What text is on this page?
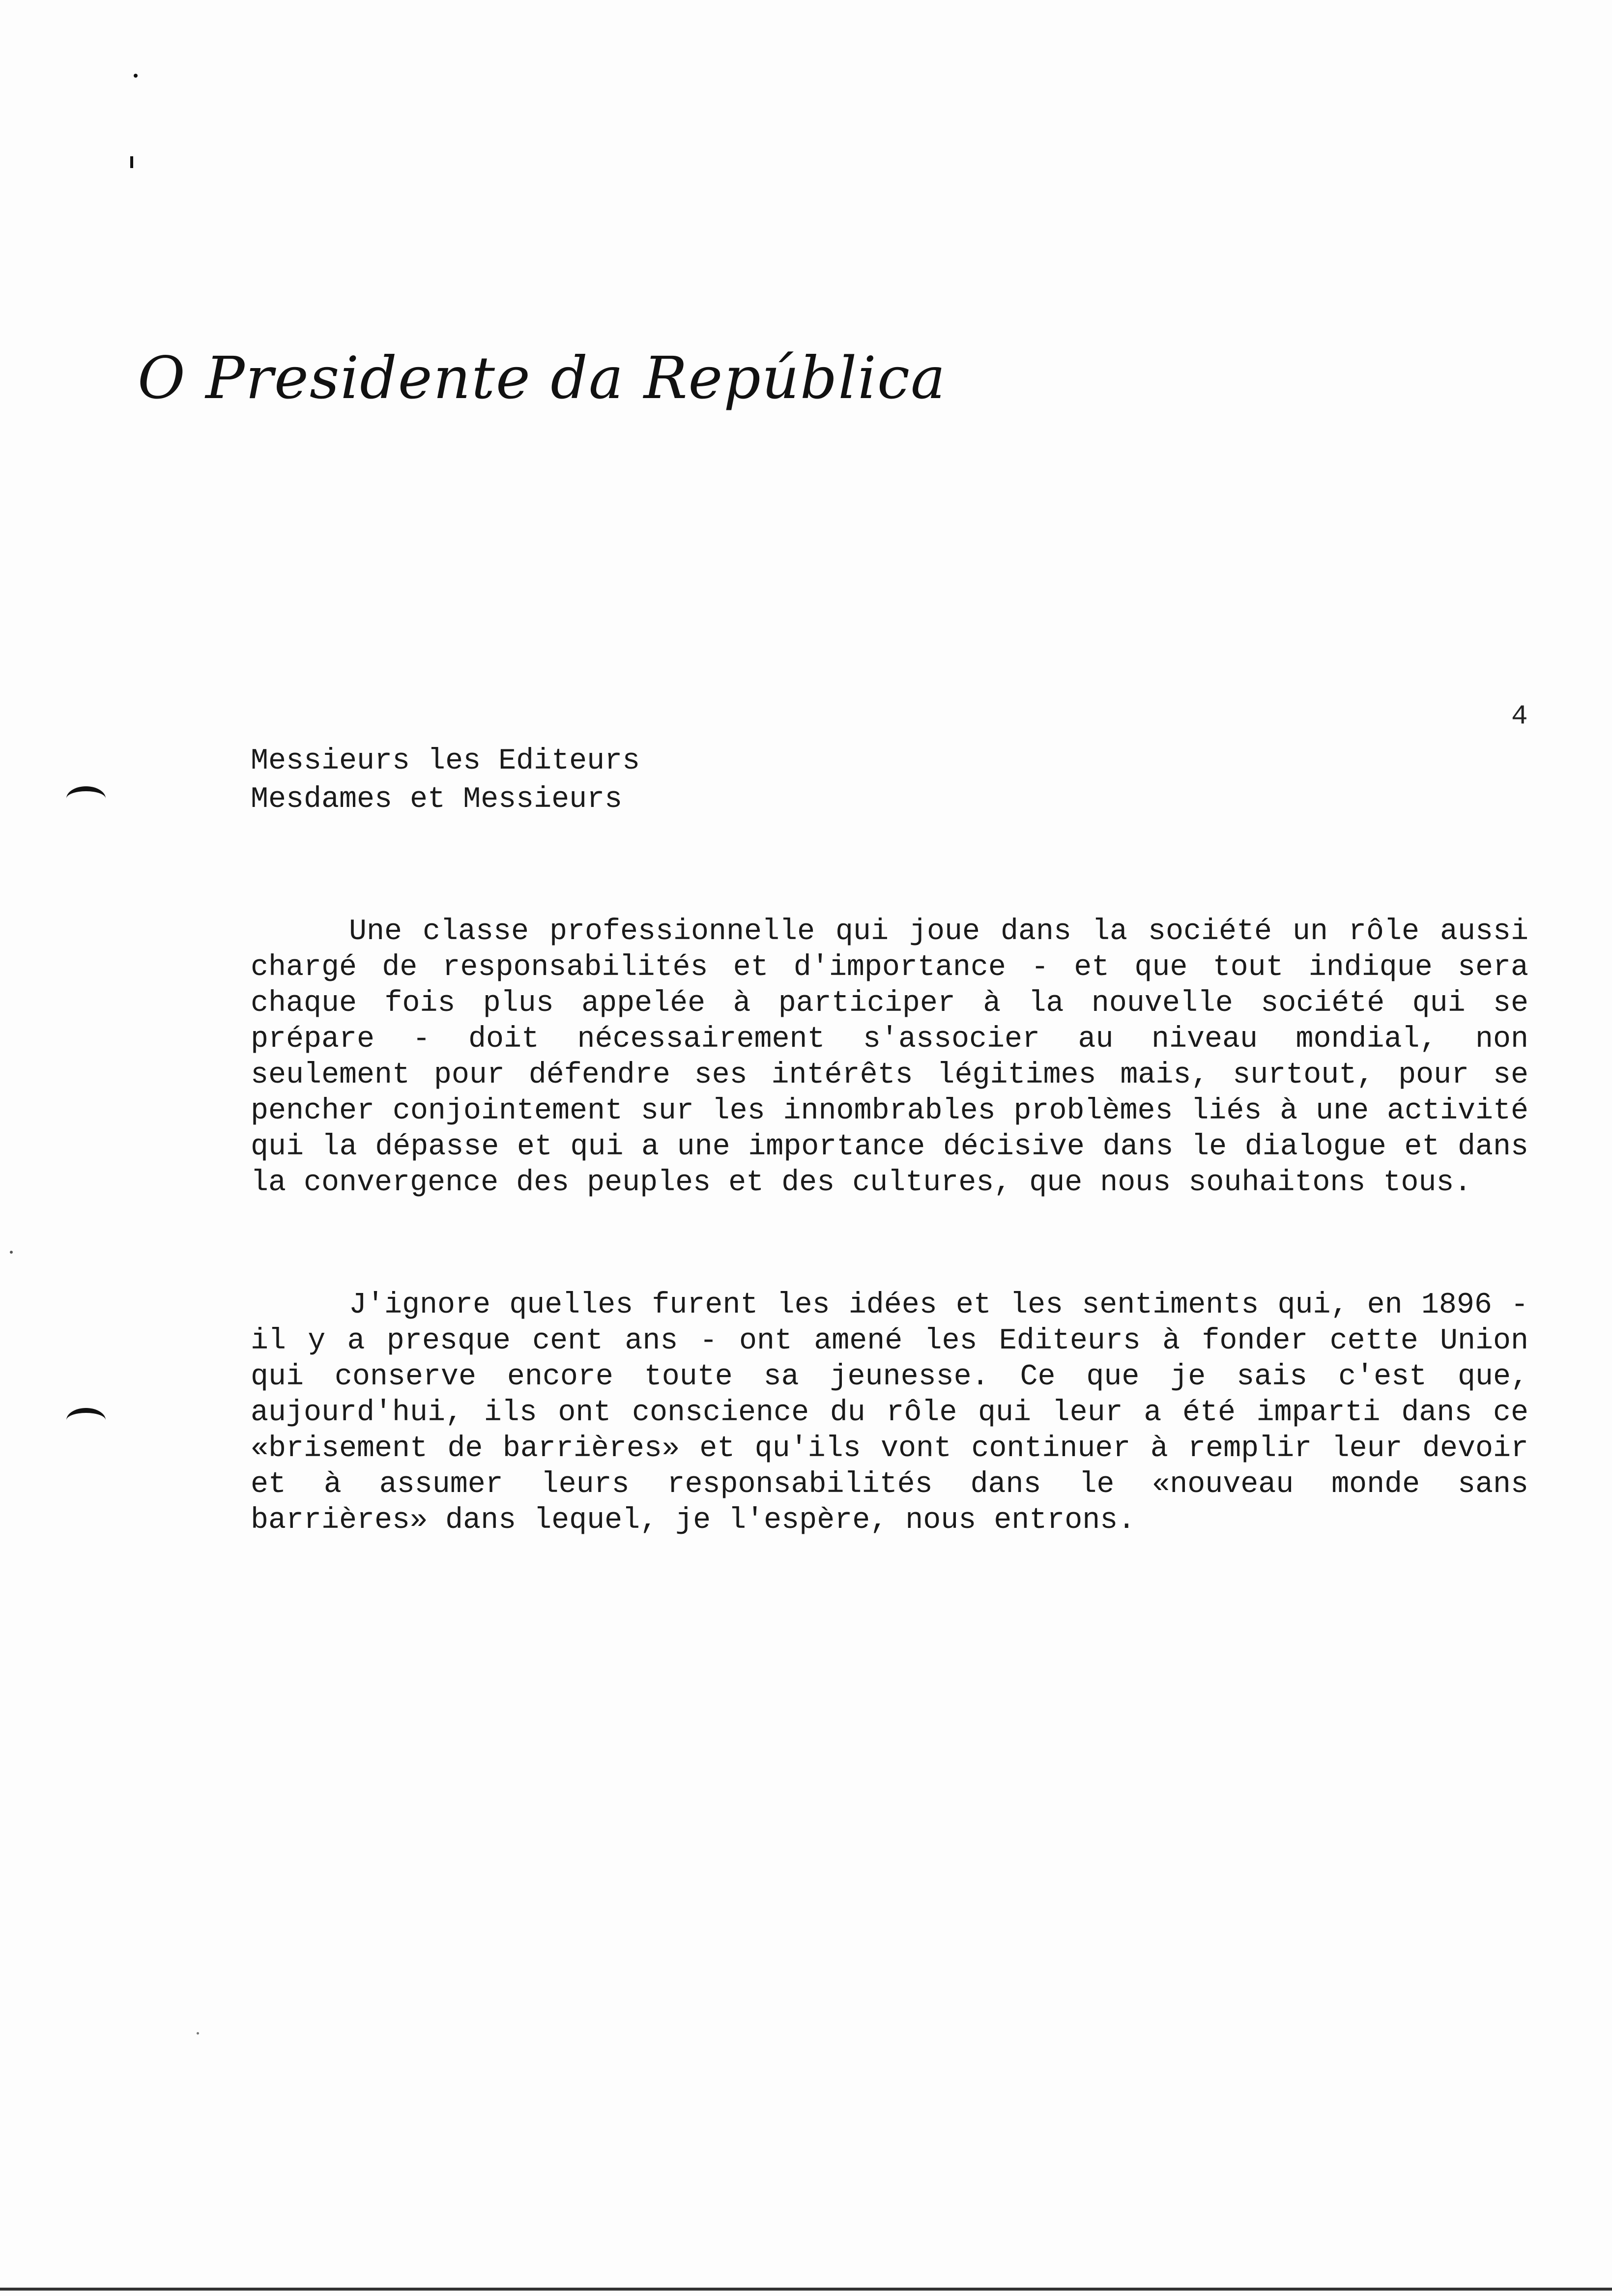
O Presidente da República
4
Messieurs les Editeurs
Mesdames et Messieurs

Une classe professionnelle qui joue dans la société un rôle aussi chargé de responsabilités et d'importance - et que tout indique sera chaque fois plus appelée à participer à la nouvelle société qui se prépare - doit nécessairement s'associer au niveau mondial, non seulement pour défendre ses intérêts légitimes mais, surtout, pour se pencher conjointement sur les innombrables problèmes liés à une activité qui la dépasse et qui a une importance décisive dans le dialogue et dans la convergence des peuples et des cultures, que nous souhaitons tous.

J'ignore quelles furent les idées et les sentiments qui, en 1896 - il y a presque cent ans - ont amené les Editeurs à fonder cette Union qui conserve encore toute sa jeunesse. Ce que je sais c'est que, aujourd'hui, ils ont conscience du rôle qui leur a été imparti dans ce «brisement de barrières» et qu'ils vont continuer à remplir leur devoir et à assumer leurs responsabilités dans le «nouveau monde sans barrières» dans lequel, je l'espère, nous entrons.
